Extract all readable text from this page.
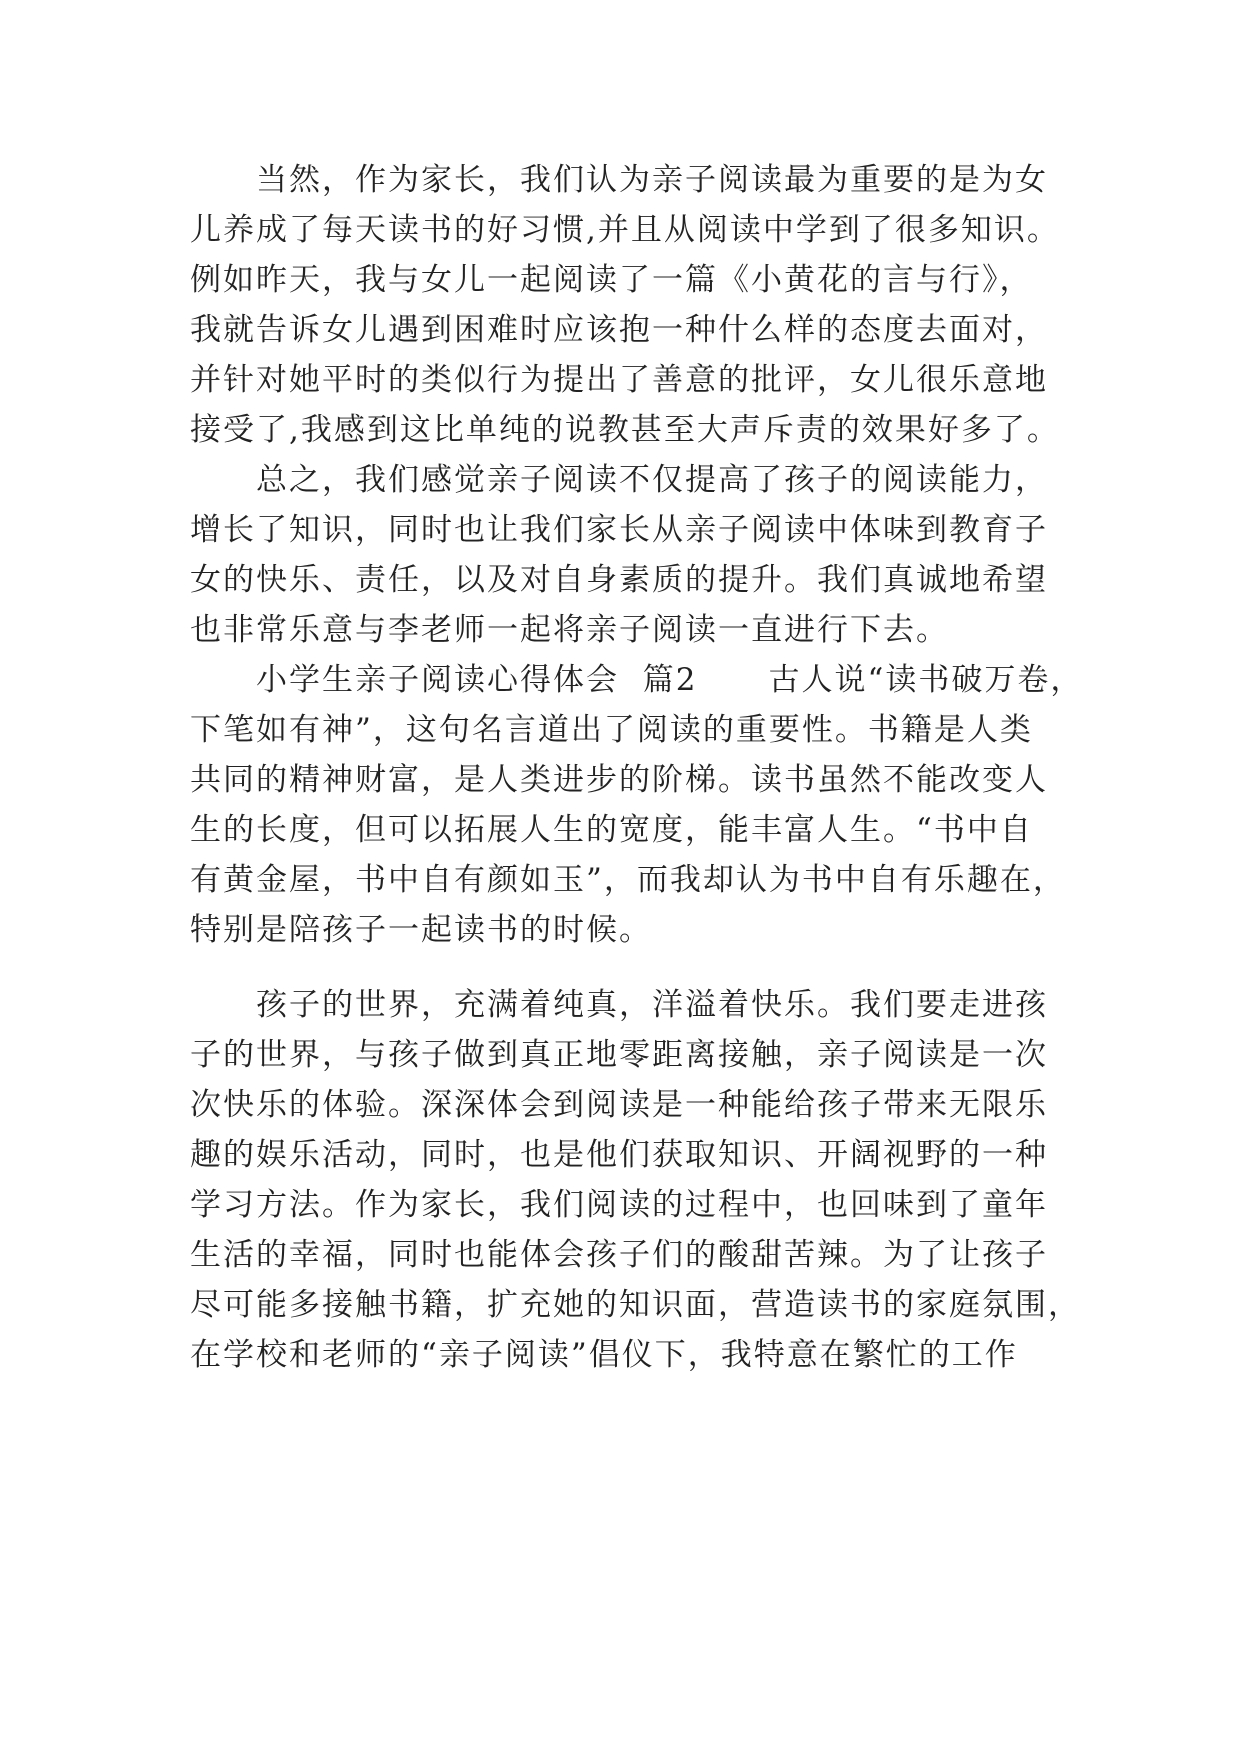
当然，作为家长，我们认为亲子阅读最为重要的是为女
儿养成了每天读书的好习惯,并且从阅读中学到了很多知识。
例如昨天，我与女儿一起阅读了一篇《小黄花的言与行》，
我就告诉女儿遇到困难时应该抱一种什么样的态度去面对，
并针对她平时的类似行为提出了善意的批评，女儿很乐意地
接受了,我感到这比单纯的说教甚至大声斥责的效果好多了。
总之，我们感觉亲子阅读不仅提高了孩子的阅读能力，
增长了知识，同时也让我们家长从亲子阅读中体味到教育子
女的快乐、责任，以及对自身素质的提升。我们真诚地希望
也非常乐意与李老师一起将亲子阅读一直进行下去。
小学生亲子阅读心得体会  篇2      古人说“读书破万卷，
下笔如有神”，这句名言道出了阅读的重要性。书籍是人类
共同的精神财富，是人类进步的阶梯。读书虽然不能改变人
生的长度，但可以拓展人生的宽度，能丰富人生。“书中自
有黄金屋，书中自有颜如玉”，而我却认为书中自有乐趣在，
特别是陪孩子一起读书的时候。
孩子的世界，充满着纯真，洋溢着快乐。我们要走进孩
子的世界，与孩子做到真正地零距离接触，亲子阅读是一次
次快乐的体验。深深体会到阅读是一种能给孩子带来无限乐
趣的娱乐活动，同时，也是他们获取知识、开阔视野的一种
学习方法。作为家长，我们阅读的过程中，也回味到了童年
生活的幸福，同时也能体会孩子们的酸甜苦辣。为了让孩子
尽可能多接触书籍，扩充她的知识面，营造读书的家庭氛围，
在学校和老师的“亲子阅读”倡仪下，我特意在繁忙的工作
